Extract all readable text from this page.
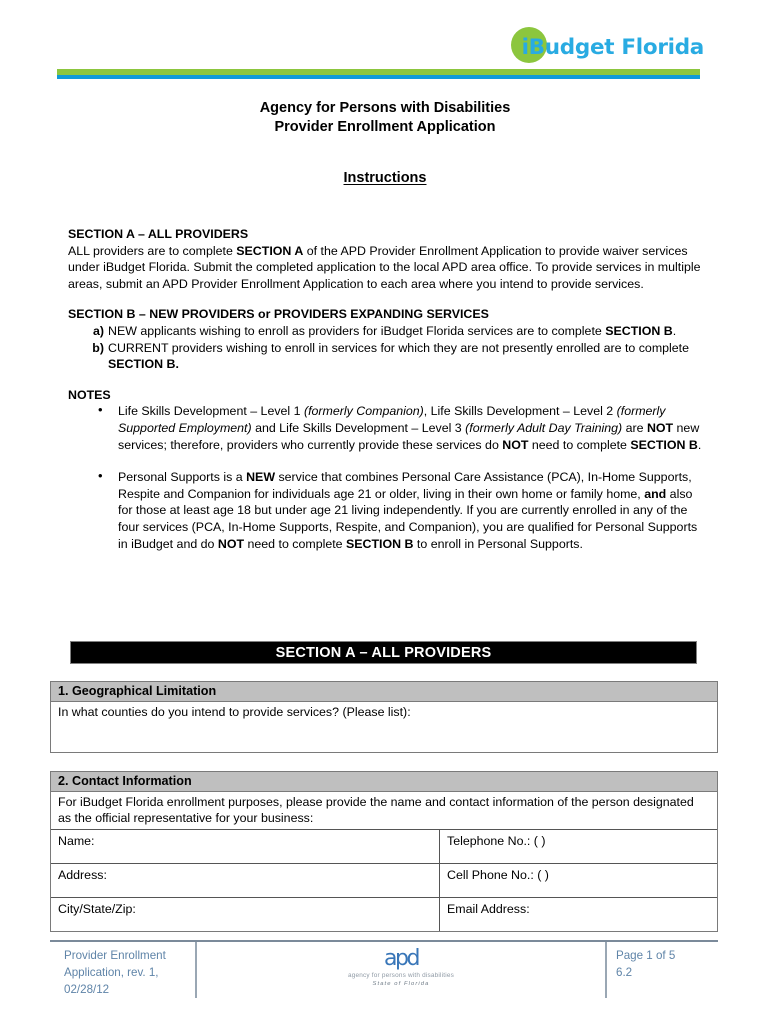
iBudget Florida
Agency for Persons with Disabilities
Provider Enrollment Application
Instructions

SECTION A – ALL PROVIDERS

ALL providers are to complete SECTION A of the APD Provider Enrollment Application to provide waiver services under iBudget Florida. Submit the completed application to the local APD area office. To provide services in multiple areas, submit an APD Provider Enrollment Application to each area where you intend to provide services.

SECTION B – NEW PROVIDERS or PROVIDERS EXPANDING SERVICES

a) NEW applicants wishing to enroll as providers for iBudget Florida services are to complete SECTION B.
b) CURRENT providers wishing to enroll in services for which they are not presently enrolled are to complete SECTION B.

NOTES

• Life Skills Development – Level 1 (formerly Companion), Life Skills Development – Level 2 (formerly Supported Employment) and Life Skills Development – Level 3 (formerly Adult Day Training) are NOT new services; therefore, providers who currently provide these services do NOT need to complete SECTION B.
• Personal Supports is a NEW service that combines Personal Care Assistance (PCA), In-Home Supports, Respite and Companion for individuals age 21 or older, living in their own home or family home, and also for those at least age 18 but under age 21 living independently. If you are currently enrolled in any of the four services (PCA, In-Home Supports, Respite, and Companion), you are qualified for Personal Supports in iBudget and do NOT need to complete SECTION B to enroll in Personal Supports.
SECTION A – ALL PROVIDERS
1. Geographical Limitation
In what counties do you intend to provide services? (Please list):
2. Contact Information
For iBudget Florida enrollment purposes, please provide the name and contact information of the person designated as the official representative for your business:
Name:	Telephone No.: ( )
Address:	Cell Phone No.: ( )
City/State/Zip:	Email Address:
Provider Enrollment
Application, rev. 1,
02/28/12
apd
agency for persons with disabilities
State of Florida
Page 1 of 5
6.2
